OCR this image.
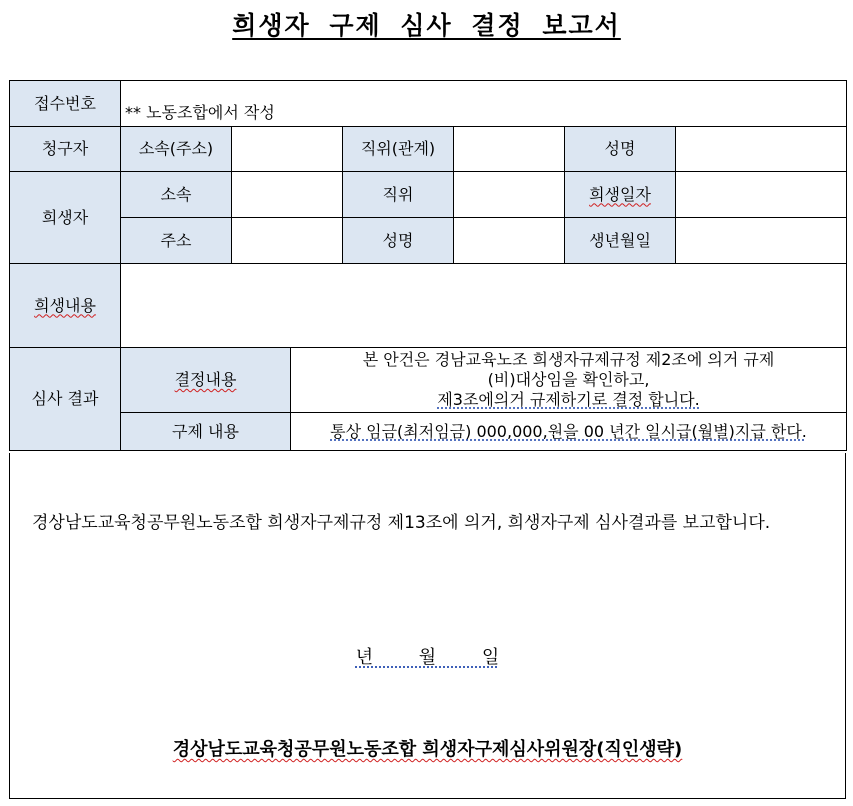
희생자 구제 심사 결정 보고서
접수번호	** 노동조합에서 작성						
청구자	소속(주소)			직위(관계)		성명	
희생자	소속			직위		희생일자	
	주소			성명		생년월일	
희생내용							
심사 결과	결정내용		본 안건은 경남교육노조 희생자규제규정 제2조에 의거 규제
(비)대상임을 확인하고,
제3조에의거 규제하기로 결정 합니다.				

	구제 내용		통상 임금(최저임금) 000,000,원을 00 년간 일시급(월별)지급 한다.				

경상남도교육청공무원노동조합 희생자구제규정 제13조에 의거, 희생자구제 심사결과를 보고합니다.

년 월 일
경상남도교육청공무원노동조합 희생자구제심사위원장(직인생략)
